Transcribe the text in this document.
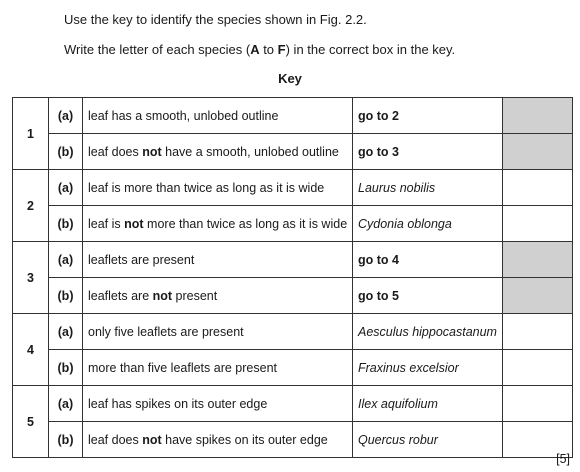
Use the key to identify the species shown in Fig. 2.2.
Write the letter of each species (A to F) in the correct box in the key.
Key
1	(a)	leaf has a smooth, unlobed outline	go to 2	
	(b)	leaf does not have a smooth, unlobed outline	go to 3	
2	(a)	leaf is more than twice as long as it is wide	Laurus nobilis	
	(b)	leaf is not more than twice as long as it is wide	Cydonia oblonga	
3	(a)	leaflets are present	go to 4	
	(b)	leaflets are not present	go to 5	
4	(a)	only five leaflets are present	Aesculus hippocastanum	
	(b)	more than five leaflets are present	Fraxinus excelsior	
5	(a)	leaf has spikes on its outer edge	Ilex aquifolium	
	(b)	leaf does not have spikes on its outer edge	Quercus robur	
[5]
